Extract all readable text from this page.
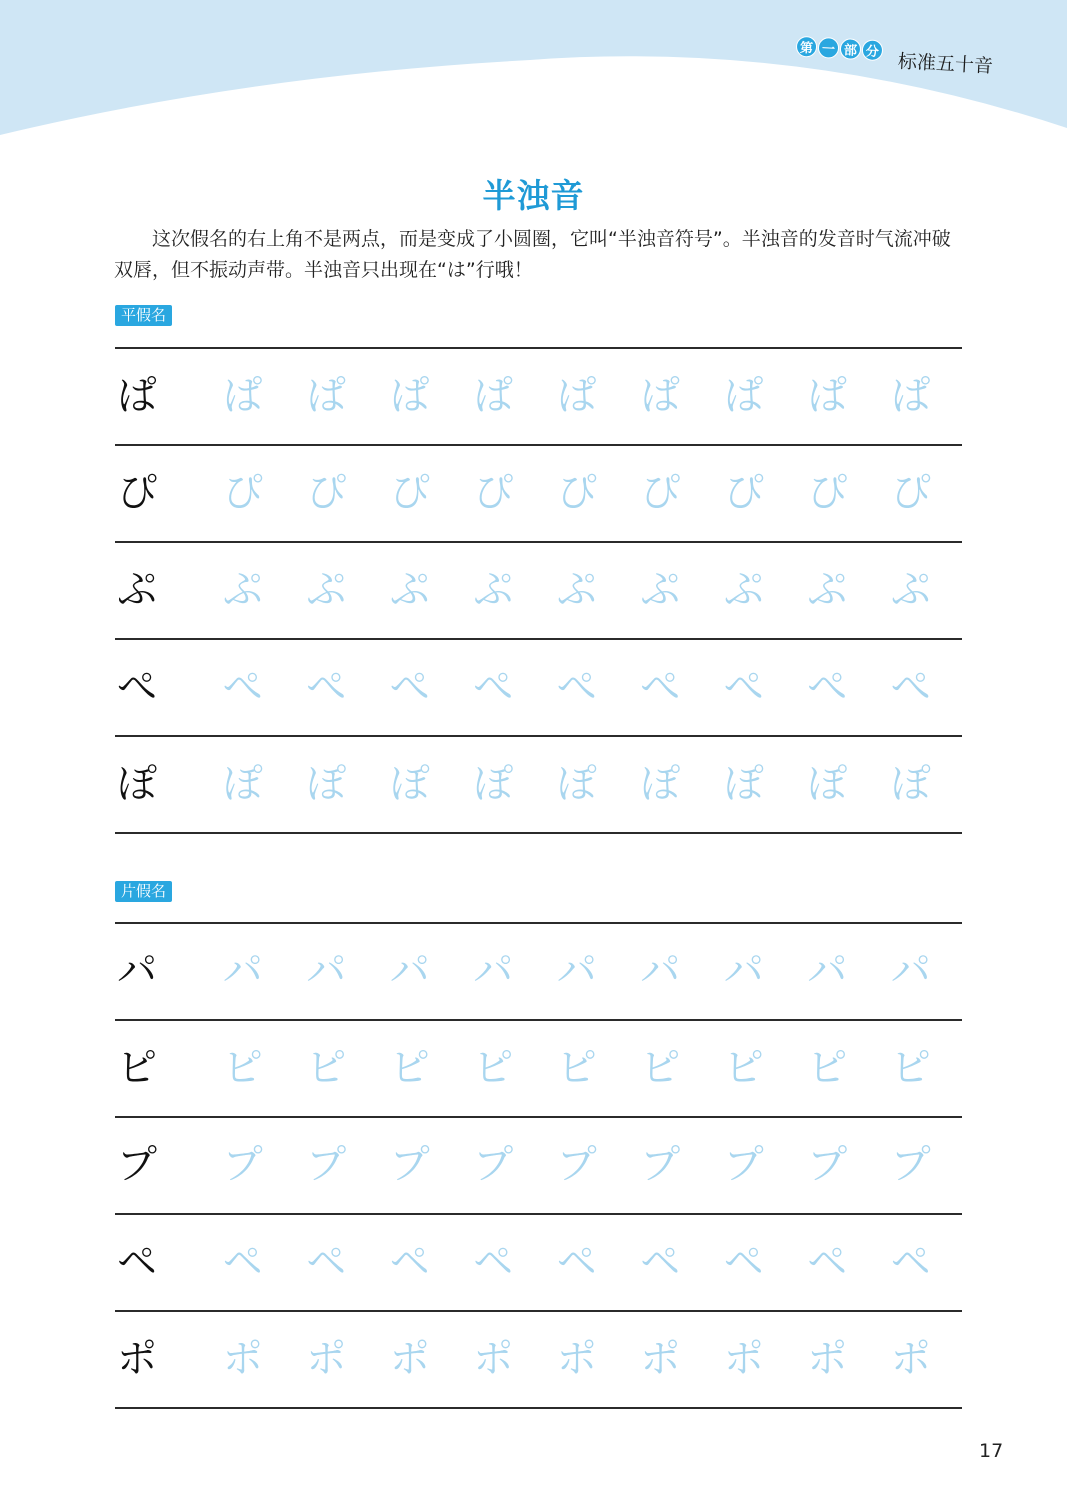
第 一 部 分 标准五十音
半浊音

这次假名的右上角不是两点，而是变成了小圆圈，它叫“半浊音符号”。半浊音的发音时气流冲破双唇，但不振动声带。半浊音只出现在“は”行哦！

平假名
ぱ	ぱ	ぱ	ぱ	ぱ	ぱ	ぱ	ぱ	ぱ	ぱ
ぴ	ぴ	ぴ	ぴ	ぴ	ぴ	ぴ	ぴ	ぴ	ぴ
ぷ	ぷ	ぷ	ぷ	ぷ	ぷ	ぷ	ぷ	ぷ	ぷ
ぺ	ぺ	ぺ	ぺ	ぺ	ぺ	ぺ	ぺ	ぺ	ぺ
ぽ	ぽ	ぽ	ぽ	ぽ	ぽ	ぽ	ぽ	ぽ	ぽ
片假名
パ	パ	パ	パ	パ	パ	パ	パ	パ	パ
ピ	ピ	ピ	ピ	ピ	ピ	ピ	ピ	ピ	ピ
プ	プ	プ	プ	プ	プ	プ	プ	プ	プ
ペ	ペ	ペ	ペ	ペ	ペ	ペ	ペ	ペ	ペ
ポ	ポ	ポ	ポ	ポ	ポ	ポ	ポ	ポ	ポ
17
